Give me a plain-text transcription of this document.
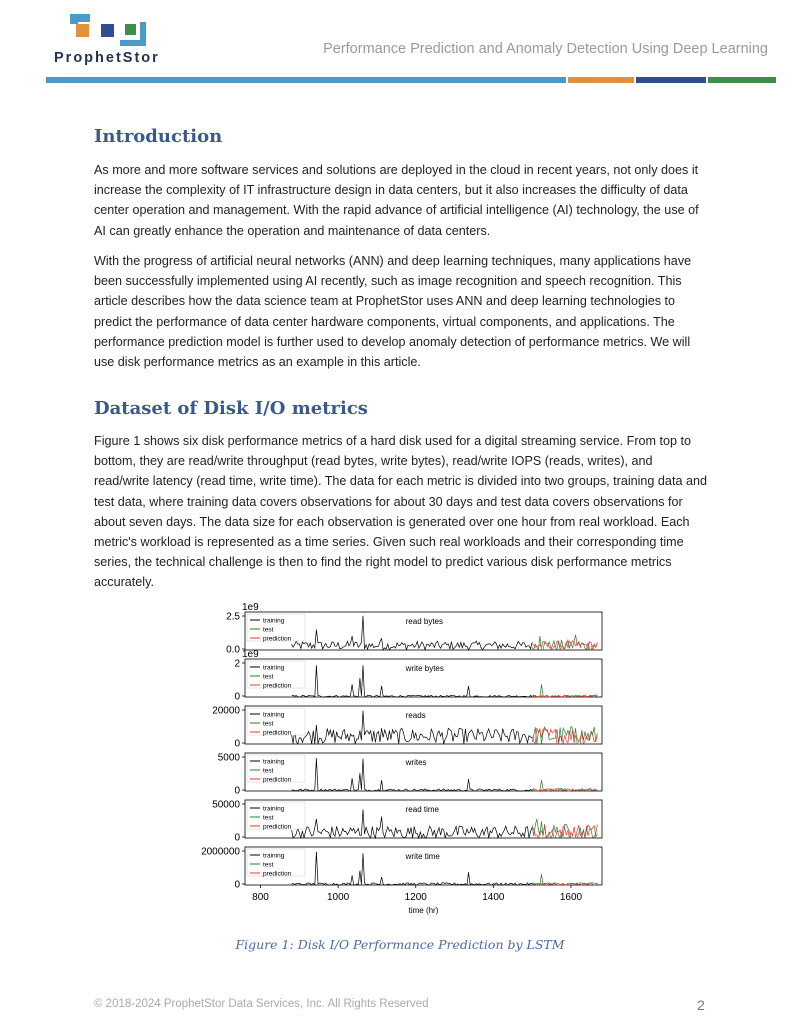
ProphetStor
Performance Prediction and Anomaly Detection Using Deep Learning
Introduction

As more and more software services and solutions are deployed in the cloud in recent years, not only does it increase the complexity of IT infrastructure design in data centers, but it also increases the difficulty of data center operation and management. With the rapid advance of artificial intelligence (AI) technology, the use of AI can greatly enhance the operation and maintenance of data centers.

With the progress of artificial neural networks (ANN) and deep learning techniques, many applications have been successfully implemented using AI recently, such as image recognition and speech recognition. This article describes how the data science team at ProphetStor uses ANN and deep learning technologies to predict the performance of data center hardware components, virtual components, and applications. The performance prediction model is further used to develop anomaly detection of performance metrics. We will use disk performance metrics as an example in this article.

Dataset of Disk I/O metrics

Figure 1 shows six disk performance metrics of a hard disk used for a digital streaming service. From top to bottom, they are read/write throughput (read bytes, write bytes), read/write IOPS (reads, writes), and read/write latency (read time, write time). The data for each metric is divided into two groups, training data and test data, where training data covers observations for about 30 days and test data covers observations for about seven days. The data size for each observation is generated over one hour from real workload. Each metric's workload is represented as a time series. Given such real workloads and their corresponding time series, the technical challenge is then to find the right model to predict various disk performance metrics accurately.

2.5
0.0
1e9
read bytes
training
test
prediction
2
0
1e9
write bytes
training
test
prediction
20000
0
reads
training
test
prediction
5000
0
writes
training
test
prediction
50000
0
read time
training
test
prediction
2000000
0
write time
training
test
prediction
800	1000	1200	1400	1600
time (hr)
Figure 1: Disk I/O Performance Prediction by LSTM
© 2018-2024 ProphetStor Data Services, Inc. All Rights Reserved	2
